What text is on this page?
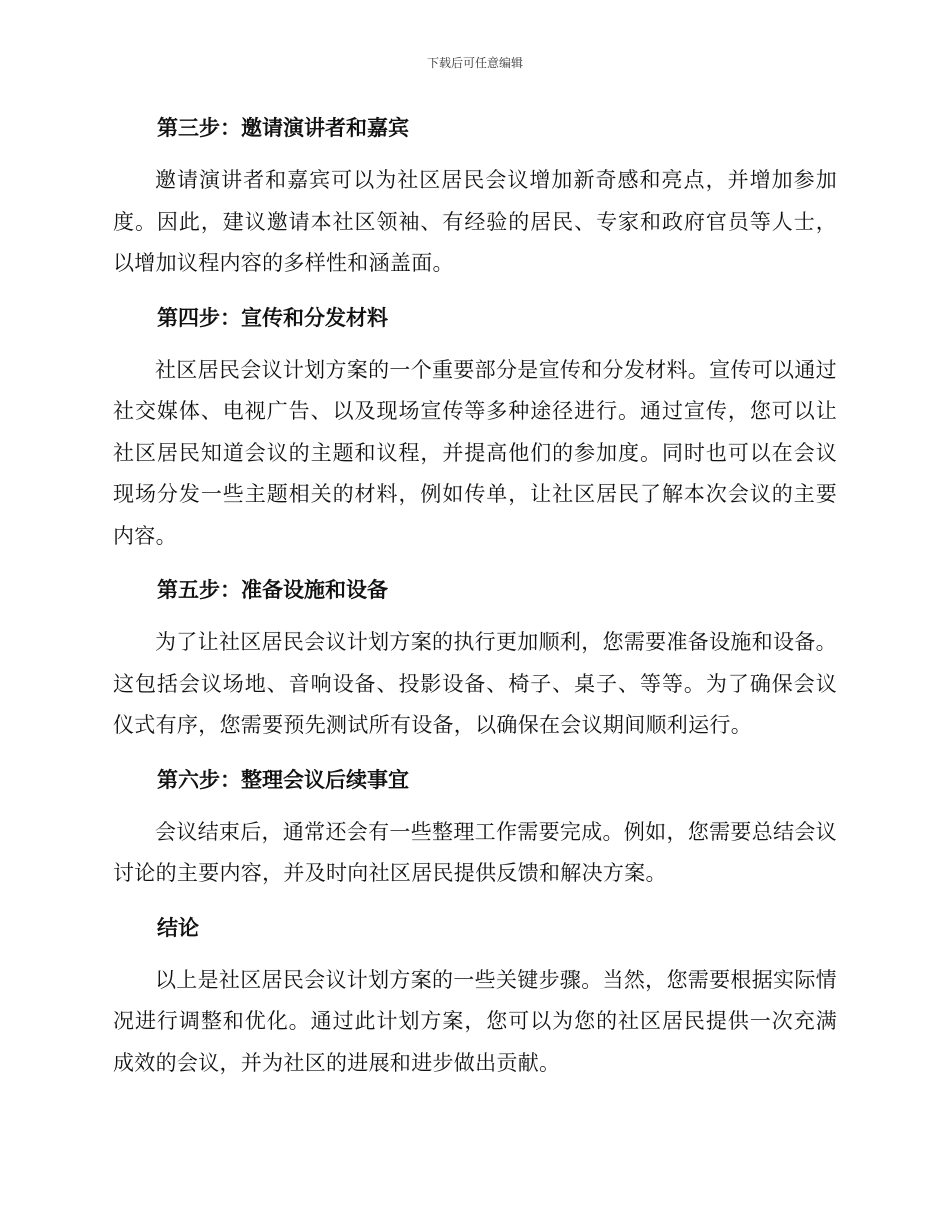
下载后可任意编辑
第三步：邀请演讲者和嘉宾

邀请演讲者和嘉宾可以为社区居民会议增加新奇感和亮点，并增加参加度。因此，建议邀请本社区领袖、有经验的居民、专家和政府官员等人士，以增加议程内容的多样性和涵盖面。

第四步：宣传和分发材料

社区居民会议计划方案的一个重要部分是宣传和分发材料。宣传可以通过社交媒体、电视广告、以及现场宣传等多种途径进行。通过宣传，您可以让社区居民知道会议的主题和议程，并提高他们的参加度。同时也可以在会议现场分发一些主题相关的材料，例如传单，让社区居民了解本次会议的主要内容。

第五步：准备设施和设备

为了让社区居民会议计划方案的执行更加顺利，您需要准备设施和设备。这包括会议场地、音响设备、投影设备、椅子、桌子、等等。为了确保会议仪式有序，您需要预先测试所有设备，以确保在会议期间顺利运行。

第六步：整理会议后续事宜

会议结束后，通常还会有一些整理工作需要完成。例如，您需要总结会议讨论的主要内容，并及时向社区居民提供反馈和解决方案。

结论

以上是社区居民会议计划方案的一些关键步骤。当然，您需要根据实际情况进行调整和优化。通过此计划方案，您可以为您的社区居民提供一次充满成效的会议，并为社区的进展和进步做出贡献。
